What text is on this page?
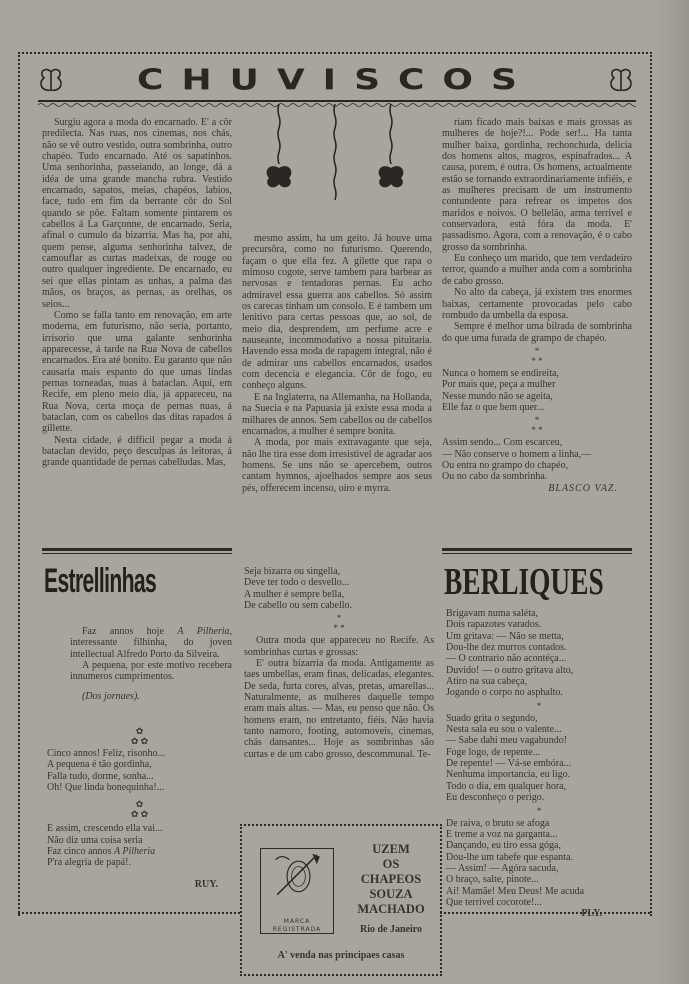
CHUVISCOS

Surgiu agora a moda do encarnado. E' a côr predilecta. Nas ruas, nos cinemas, nos chás, não se vê outro vestido, outra sombrinha, outro chapéo. Tudo encarnado. Até os sapatinhos. Uma senhorinha, passeiando, ao longe, dá a idéa de uma grande mancha rubra. Vestido encarnado, sapatos, meias, chapéos, labios, face, tudo em fim da berrante côr do Sol quando se põe. Faltam somente pintarem os cabellos á La Garçonne, de encarnado. Seria, afinal o cumulo da bizarria. Mas ha, por ahi, quem pense, alguma senhorinha talvez, de camouflar as curtas madeixas, de rouge ou outro qualquer ingrediente. De encarnado, eu sei que ellas pintam as unhas, a palma das mãos, os braços, as pernas, as orelhas, os seios...

Como se falla tanto em renovação, em arte moderna, em futurismo, não seria, portanto, irrisorio que uma galante senhorinha apparecesse, á tarde na Rua Nova de cabellos encarnados. Era até bonito. Eu garanto que não causaria mais espanto do que umas lindas pernas torneadas, nuas á bataclan. Aqui, em Recife, em pleno meio dia, já appareceu, na Rua Nova, certa moça de pernas nuas, á bataclan, com os cabellos das ditas rapados á gillette.

Nesta cidade, é difficil pegar a moda á bataclan devido, peço desculpas ás leitoras, á grande quantidade de pernas cabelludas. Mas,

mesmo assim, ha um geito. Já houve uma precursôra, como no futurismo. Querendo, façam o que ella fez. A gilette que rapa o mimoso cogote, serve tambem para barbear as nervosas e tentadoras pernas. Eu acho admiravel essa guerra aos cabellos. Só assim os carecas tinham um consolo. E é tambem um lenitivo para certas pessoas que, ao sol, de meio dia, desprendem, um perfume acre e nauseante, incommodativo a nossa pituitaria. Havendo essa moda de rapagem integral, não é de admirar uns cabellos encarnados, usados com decencia e elegancia. Côr de fogo, eu conheço alguns.

E na Inglaterra, na Allemanha, na Hollanda, na Suecia e na Papuasia já existe essa moda a milhares de annos. Sem cabellos ou de cabellos encarnados, a mulher é sempre bonita.

A moda, por mais extravagante que seja, não lhe tira esse dom irresistivel de agradar aos homens. Se uns não se apercebem, outros cantam hymnos, ajoelhados sempre aos seus pés, offerecem incenso, oiro e myrra.

Seja bizarra ou singella,
Deve ter todo o desvello...
A mulher é sempre bella,
De cabello ou sem cabello.
*
* *

Outra moda que appareceu no Recife. As sombrinhas curtas e grossas:

E' outra bizarria da moda. Antigamente as taes umbellas, eram finas, delicadas, elegantes. De seda, furta cores, alvas, pretas, amarellas... Naturalmente, as mulheres daquelle tempo eram mais altas. — Mas, eu penso que não. Os homens eram, no entretanto, fiéis. Não havia tanto namoro, footing, automoveis, cinemas, chás dansantes... Hoje as sombrinhas são curtas e de um cabo grosso, descommunal. Te-

riam ficado mais baixas e mais grossas as mulheres de hoje?!... Pode ser!... Ha tanta mulher baixa, gordinha, rechonchuda, delicia dos homens altos, magros, espinafrados... A causa, porem, é outra. Os homens, actualmente estão se tornando extraordinariamente infiéis, e as mulheres precisam de um instrumento contundente para refrear os impetos dos maridos e noivos. O bellelão, arma terrivel e conservadora, está fóra da moda. E' passadismo. Agora, com a renovação, é o cabo grosso da sombrinha.

Eu conheço um marido, que tem verdadeiro terror, quando a mulher anda com a sombrinha de cabo grosso.

No alto da cabeça, já existem tres enormes baixas, certamente provocadas pelo cabo rombudo da umbella da esposa.

Sempre é melhor uma bilrada de sombrinha do que uma furada de grampo de chapéo.

*
* *
Nunca o homem se endireita,
Por mais que, peça a mulher
Nesse mundo não se ageita,
Elle faz o que bem quer...
*
* *
Assim sendo... Com escarceu,
— Não conserve o homem a linha,—
Ou entra no grampo do chapéo,
Ou no cabo da sombrinha.
BLASCO VAZ.
Estrellinhas

Faz annos hoje A Pilheria, interessante filhinha, do joven intellectual Alfredo Porto da Silveira.

A pequena, por este motivo recebera innumeros cumprimentos.

(Dos jornaes).

✿
✿ ✿
Cinco annos! Feliz, risonho...
A pequena é tão gordinha,
Falla tudo, dorme, sonha...
Oh! Que linda bonequinha!...
✿
✿ ✿
E assim, crescendo ella vai...
Não diz uma coisa seria
Faz cinco annos A Pilheria
P'ra alegria de papá!.
RUY.
BERLIQUES
Brigavam numa saléta,
Dois rapazotes varados.
Um gritava: — Não se metta,
Dou-lhe dez murros contados.
— O contrario não acontéça...
Duvido! — o outro gritava alto,
Atiro na sua cabeça,
Jogando o corpo no asphalto.
*
Suado grita o segundo,
Nesta sala eu sou o valente...
— Sabe dahi meu vagabundo!
Foge logo, de repente...
De repente! — Vá-se embóra...
Nenhuma importancia, eu ligo.
Todo o dia, em qualquer hora,
Eu desconheço o perigo.
*
De raiva, o bruto se afoga
E treme a voz na garganta...
Dançando, eu tiro essa góga,
Dou-lhe um tabefe que espanta.
— Assim! — Agóra sacuda,
O braço, salte, pinote...
Ai! Mamãe! Meu Deus! Me acuda
Que terrivel cocorote!...
PLY.
MARCA REGISTRADA
UZEM
OS
CHAPEOS
SOUZA
MACHADO
Rio de Janeiro
A' venda nas principaes casas
